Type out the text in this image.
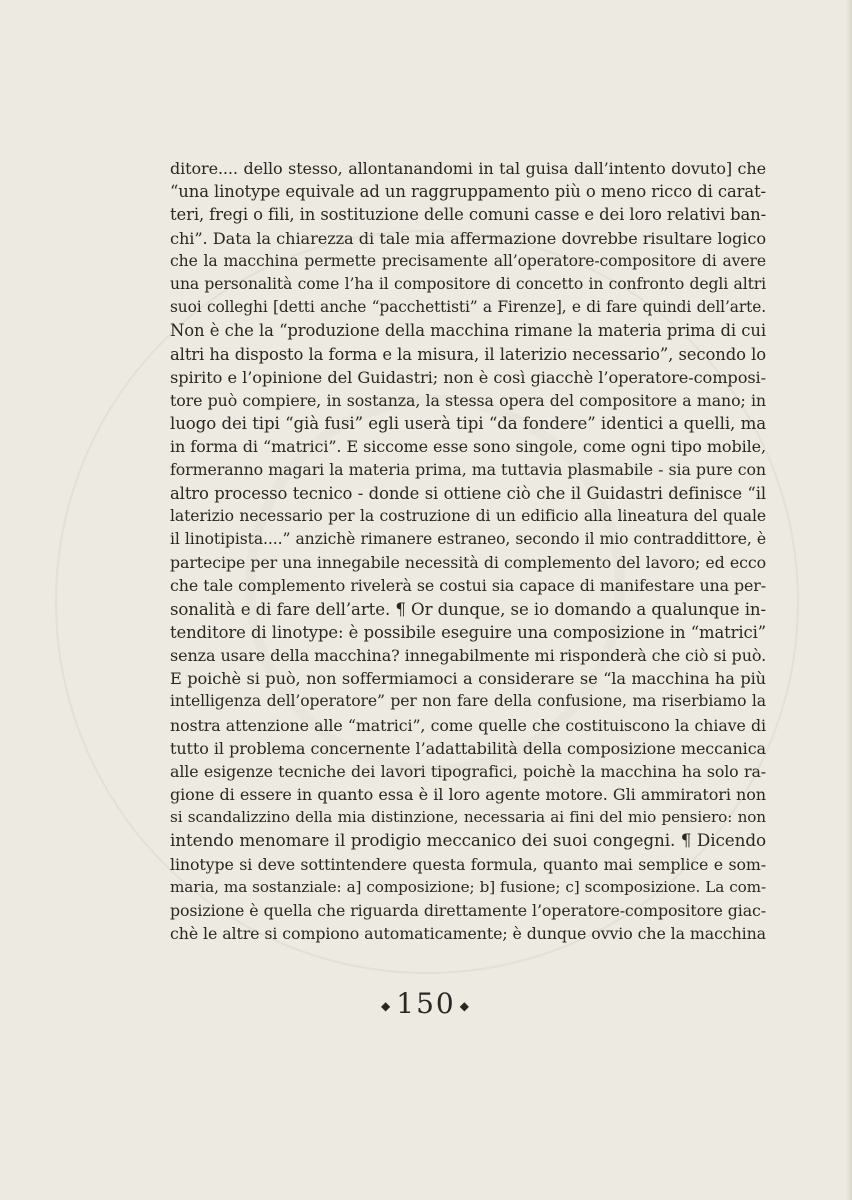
ditore.... dello stesso, allontanandomi in tal guisa dall’intento dovuto] che
“una linotype equivale ad un raggruppamento più o meno ricco di carat-
teri, fregi o fili, in sostituzione delle comuni casse e dei loro relativi ban-
chi”. Data la chiarezza di tale mia affermazione dovrebbe risultare logico
che la macchina permette precisamente all’operatore-compositore di avere
una personalità come l’ha il compositore di concetto in confronto degli altri
suoi colleghi [detti anche “pacchettisti” a Firenze], e di fare quindi dell’arte.
Non è che la “produzione della macchina rimane la materia prima di cui
altri ha disposto la forma e la misura, il laterizio necessario”, secondo lo
spirito e l’opinione del Guidastri; non è così giacchè l’operatore-composi-
tore può compiere, in sostanza, la stessa opera del compositore a mano; in
luogo dei tipi “già fusi” egli userà tipi “da fondere” identici a quelli, ma
in forma di “matrici”. E siccome esse sono singole, come ogni tipo mobile,
formeranno magari la materia prima, ma tuttavia plasmabile - sia pure con
altro processo tecnico - donde si ottiene ciò che il Guidastri definisce “il
laterizio necessario per la costruzione di un edificio alla lineatura del quale
il linotipista....” anzichè rimanere estraneo, secondo il mio contraddittore, è
partecipe per una innegabile necessità di complemento del lavoro; ed ecco
che tale complemento rivelerà se costui sia capace di manifestare una per-
sonalità e di fare dell’arte. ¶ Or dunque, se io domando a qualunque in-
tenditore di linotype: è possibile eseguire una composizione in “matrici”
senza usare della macchina? innegabilmente mi risponderà che ciò si può.
E poichè si può, non soffermiamoci a considerare se “la macchina ha più
intelligenza dell’operatore” per non fare della confusione, ma riserbiamo la
nostra attenzione alle “matrici”, come quelle che costituiscono la chiave di
tutto il problema concernente l’adattabilità della composizione meccanica
alle esigenze tecniche dei lavori tipografici, poichè la macchina ha solo ra-
gione di essere in quanto essa è il loro agente motore. Gli ammiratori non
si scandalizzino della mia distinzione, necessaria ai fini del mio pensiero: non
intendo menomare il prodigio meccanico dei suoi congegni. ¶ Dicendo
linotype si deve sottintendere questa formula, quanto mai semplice e som-
maria, ma sostanziale: a] composizione; b] fusione; c] scomposizione. La com-
posizione è quella che riguarda direttamente l’operatore-compositore giac-
chè le altre si compiono automaticamente; è dunque ovvio che la macchina
◆ 150 ◆
